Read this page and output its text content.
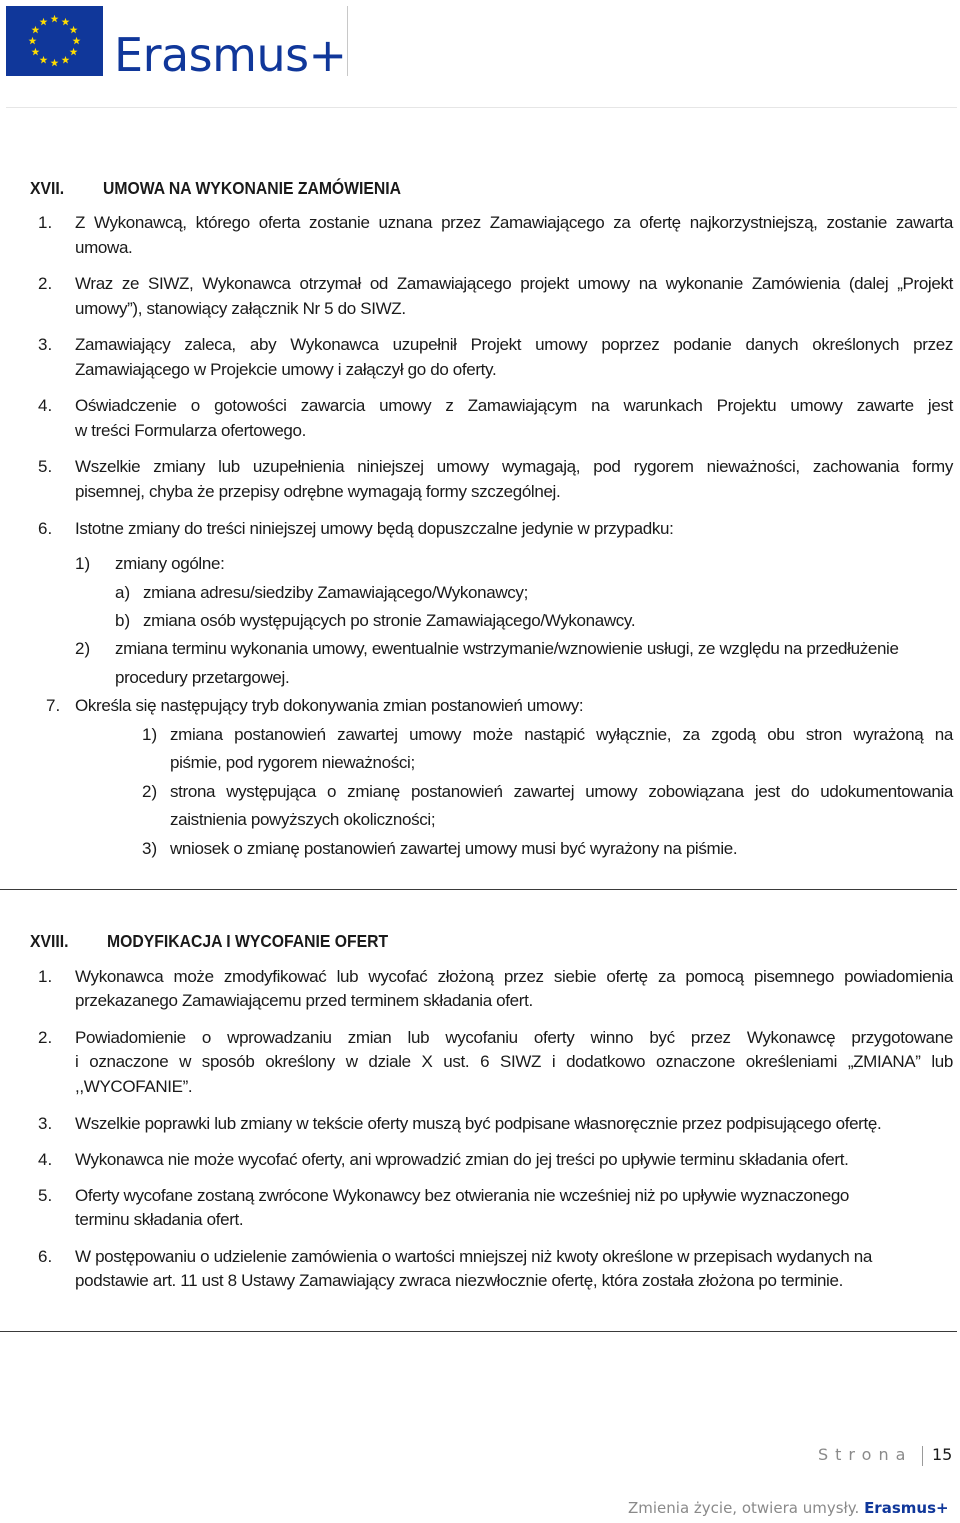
Erasmus+
XVII. UMOWA NA WYKONANIE ZAMÓWIENIA
1. Z Wykonawcą, którego oferta zostanie uznana przez Zamawiającego za ofertę najkorzystniejszą, zostanie zawarta
umowa.
2. Wraz ze SIWZ, Wykonawca otrzymał od Zamawiającego projekt umowy na wykonanie Zamówienia (dalej „Projekt
umowy”), stanowiący załącznik Nr 5 do SIWZ.
3. Zamawiający zaleca, aby Wykonawca uzupełnił Projekt umowy poprzez podanie danych określonych przez
Zamawiającego w Projekcie umowy i załączył go do oferty.
4. Oświadczenie o gotowości zawarcia umowy z Zamawiającym na warunkach Projektu umowy zawarte jest
w treści Formularza ofertowego.
5. Wszelkie zmiany lub uzupełnienia niniejszej umowy wymagają, pod rygorem nieważności, zachowania formy
pisemnej, chyba że przepisy odrębne wymagają formy szczególnej.
6. Istotne zmiany do treści niniejszej umowy będą dopuszczalne jedynie w przypadku:
1) zmiany ogólne:
a) zmiana adresu/siedziby Zamawiającego/Wykonawcy;
b) zmiana osób występujących po stronie Zamawiającego/Wykonawcy.
2) zmiana terminu wykonania umowy, ewentualnie wstrzymanie/wznowienie usługi, ze względu na przedłużenie
procedury przetargowej.
7. Określa się następujący tryb dokonywania zmian postanowień umowy:
1) zmiana postanowień zawartej umowy może nastąpić wyłącznie, za zgodą obu stron wyrażoną na
piśmie, pod rygorem nieważności;
2) strona występująca o zmianę postanowień zawartej umowy zobowiązana jest do udokumentowania
zaistnienia powyższych okoliczności;
3) wniosek o zmianę postanowień zawartej umowy musi być wyrażony na piśmie.
XVIII. MODYFIKACJA I WYCOFANIE OFERT
1. Wykonawca może zmodyfikować lub wycofać złożoną przez siebie ofertę za pomocą pisemnego powiadomienia
przekazanego Zamawiającemu przed terminem składania ofert.
2. Powiadomienie o wprowadzaniu zmian lub wycofaniu oferty winno być przez Wykonawcę przygotowane
i oznaczone w sposób określony w dziale X ust. 6 SIWZ i dodatkowo oznaczone określeniami „ZMIANA” lub
,,WYCOFANIE”.
3. Wszelkie poprawki lub zmiany w tekście oferty muszą być podpisane własnoręcznie przez podpisującego ofertę.
4. Wykonawca nie może wycofać oferty, ani wprowadzić zmian do jej treści po upływie terminu składania ofert.
5. Oferty wycofane zostaną zwrócone Wykonawcy bez otwierania nie wcześniej niż po upływie wyznaczonego
terminu składania ofert.
6. W postępowaniu o udzielenie zamówienia o wartości mniejszej niż kwoty określone w przepisach wydanych na
podstawie art. 11 ust 8 Ustawy Zamawiający zwraca niezwłocznie ofertę, która została złożona po terminie.
Strona 15
Zmienia życie, otwiera umysły. Erasmus+
